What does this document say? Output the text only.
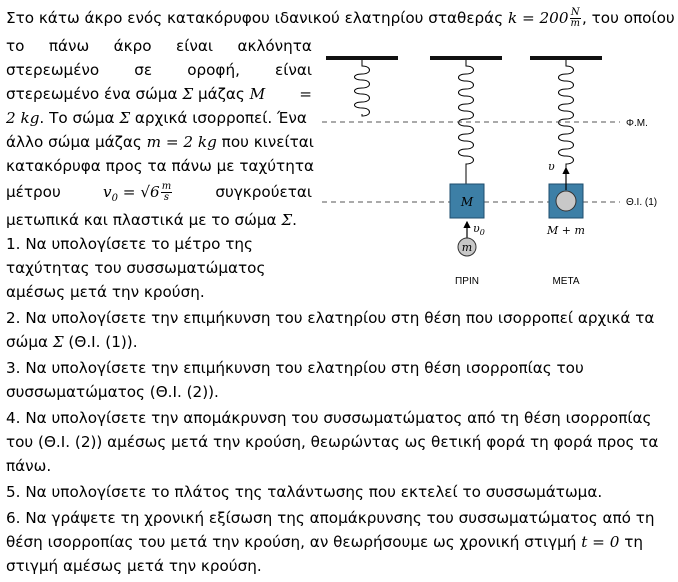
Στο κάτω άκρο ενός κατακόρυφου ιδανικού ελατηρίου σταθεράς $k = 200 \frac{N}{m}$ , του οποίου
το πάνω άκρο είναι ακλόνητα
στερεωμένο σε οροφή, είναι
στερεωμένο ένα σώμα Σ μάζας M =
2 kg. Το σώμα Σ αρχικά ισορροπεί. Ένα
άλλο σώμα μάζας m = 2 kg που κινείται
κατακόρυφα προς τα πάνω με ταχύτητα
μέτρου	$v_0 = √6 \frac{m}{s}$	συγκρούεται
μετωπικά και πλαστικά με το σώμα Σ.
1. Να υπολογίσετε το μέτρο της
ταχύτητας του συσσωματώματος
αμέσως μετά την κρούση.
2. Να υπολογίσετε την επιμήκυνση του ελατηρίου στη θέση που ισορροπεί αρχικά τα
σώμα Σ (Θ.Ι. (1)).
3. Να υπολογίσετε την επιμήκυνση του ελατηρίου στη θέση ισορροπίας του
συσσωματώματος (Θ.Ι. (2)).
4. Να υπολογίσετε την απομάκρυνση του συσσωματώματος από τη θέση ισορροπίας
του (Θ.Ι. (2)) αμέσως μετά την κρούση, θεωρώντας ως θετική φορά τη φορά προς τα
πάνω.
5. Να υπολογίσετε το πλάτος της ταλάντωσης που εκτελεί το συσσωμάτωμα.
6. Να γράψετε τη χρονική εξίσωση της απομάκρυνσης του συσσωματώματος από τη
θέση ισορροπίας του μετά την κρούση, αν θεωρήσουμε ως χρονική στιγμή t = 0 τη
στιγμή αμέσως μετά την κρούση.
Φ.Μ.
Θ.Ι. (1)
M
$\upsilon_0$
m
M + m
υ
ΠΡΙΝ	ΜΕΤΑ
